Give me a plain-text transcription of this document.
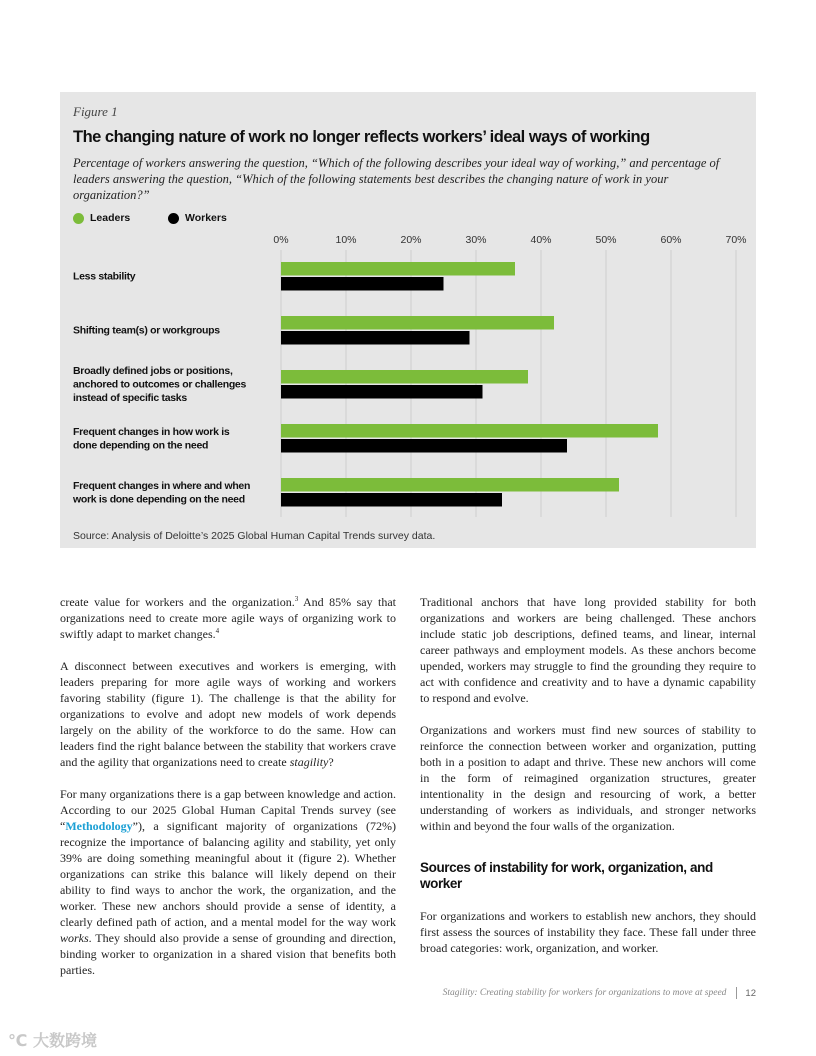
Figure 1
The changing nature of work no longer reflects workers’ ideal ways of working
Percentage of workers answering the question, “Which of the following describes your ideal way of working,” and percentage of leaders answering the question, “Which of the following statements best describes the changing nature of work in your organization?”
Leaders	Workers
0%	10%	20%	30%	40%	50%	60%	70%
Less stability
Shifting team(s) or workgroups
Broadly defined jobs or positions, anchored to outcomes or challenges instead of specific tasks
Frequent changes in how work is done depending on the need
Frequent changes in where and when work is done depending on the need
Source: Analysis of Deloitte’s 2025 Global Human Capital Trends survey data.

create value for workers and the organization.$^3$ And 85% say that organizations need to create more agile ways of organizing work to swiftly adapt to market changes.$^4$

A disconnect between executives and workers is emerging, with leaders preparing for more agile ways of working and workers favoring stability (figure 1). The challenge is that the ability for organizations to evolve and adopt new models of work depends largely on the ability of the workforce to do the same. How can leaders find the right balance between the stability that workers crave and the agility that organizations need to create stagility?

For many organizations there is a gap between knowledge and action. According to our 2025 Global Human Capital Trends survey (see “Methodology”), a significant majority of organizations (72%) recognize the importance of balancing agility and stability, yet only 39% are doing something meaningful about it (figure 2). Whether organizations can strike this balance will likely depend on their ability to find ways to anchor the work, the organization, and the worker. These new anchors should provide a sense of identity, a clearly defined path of action, and a mental model for the way work works. They should also provide a sense of grounding and direction, binding worker to organization in a shared vision that benefits both parties.

Traditional anchors that have long provided stability for both organizations and workers are being challenged. These anchors include static job descriptions, defined teams, and linear, internal career pathways and employment models. As these anchors become upended, workers may struggle to find the grounding they require to act with confidence and creativity and to have a dynamic capability to respond and evolve.

Organizations and workers must find new sources of stability to reinforce the connection between worker and organization, putting both in a position to adapt and thrive. These new anchors will come in the form of reimagined organization structures, greater intentionality in the design and resourcing of work, a better understanding of workers as individuals, and stronger networks within and beyond the four walls of the organization.

Sources of instability for work, organization, and worker

For organizations and workers to establish new anchors, they should first assess the sources of instability they face. These fall under three broad categories: work, organization, and worker.

Stagility: Creating stability for workers for organizations to move at speed 12
℃ 大数跨境
